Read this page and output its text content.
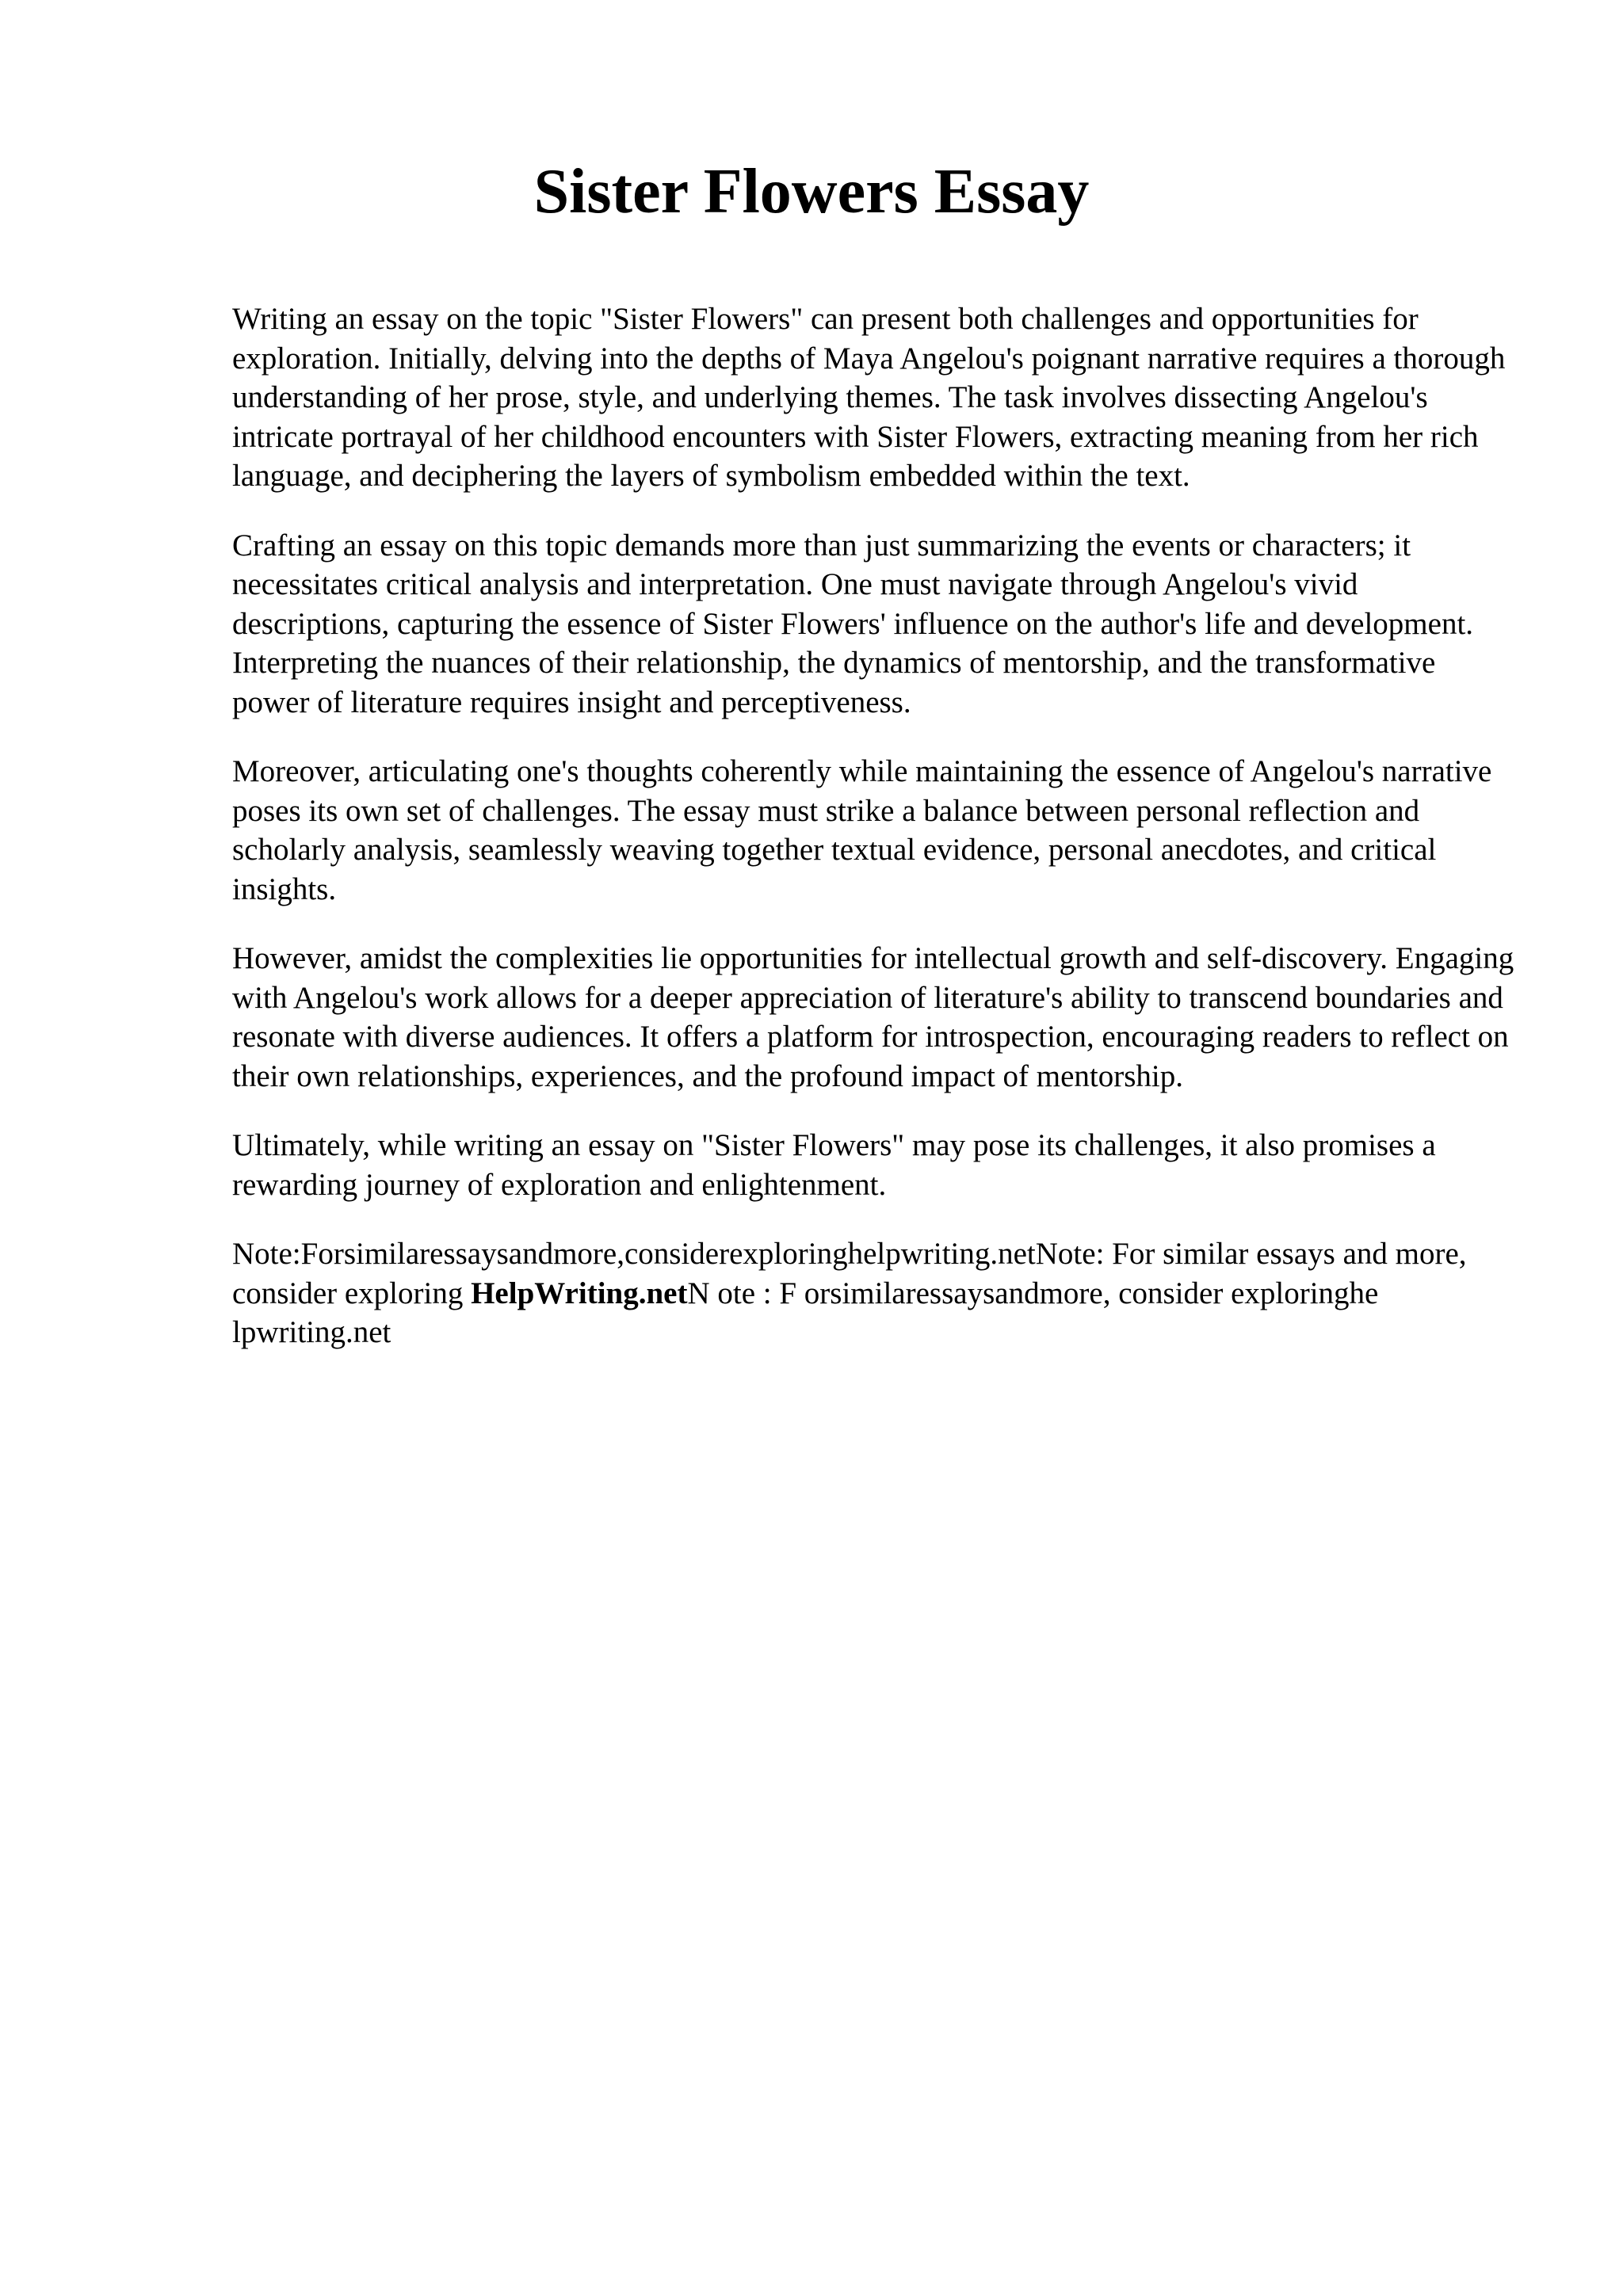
Sister Flowers Essay

Writing an essay on the topic "Sister Flowers" can present both challenges and opportunities for exploration. Initially, delving into the depths of Maya Angelou's poignant narrative requires a thorough understanding of her prose, style, and underlying themes. The task involves dissecting Angelou's intricate portrayal of her childhood encounters with Sister Flowers, extracting meaning from her rich language, and deciphering the layers of symbolism embedded within the text.

Crafting an essay on this topic demands more than just summarizing the events or characters; it necessitates critical analysis and interpretation. One must navigate through Angelou's vivid descriptions, capturing the essence of Sister Flowers' influence on the author's life and development. Interpreting the nuances of their relationship, the dynamics of mentorship, and the transformative power of literature requires insight and perceptiveness.

Moreover, articulating one's thoughts coherently while maintaining the essence of Angelou's narrative poses its own set of challenges. The essay must strike a balance between personal reflection and scholarly analysis, seamlessly weaving together textual evidence, personal anecdotes, and critical insights.

However, amidst the complexities lie opportunities for intellectual growth and self-discovery. Engaging with Angelou's work allows for a deeper appreciation of literature's ability to transcend boundaries and resonate with diverse audiences. It offers a platform for introspection, encouraging readers to reflect on their own relationships, experiences, and the profound impact of mentorship.

Ultimately, while writing an essay on "Sister Flowers" may pose its challenges, it also promises a rewarding journey of exploration and enlightenment.

Note:Forsimilaressaysandmore,considerexploringhelpwriting.netNote: For similar essays and more, consider exploring HelpWriting.netN ote : F orsimilaressaysandmore, consider exploringhe lpwriting.net
